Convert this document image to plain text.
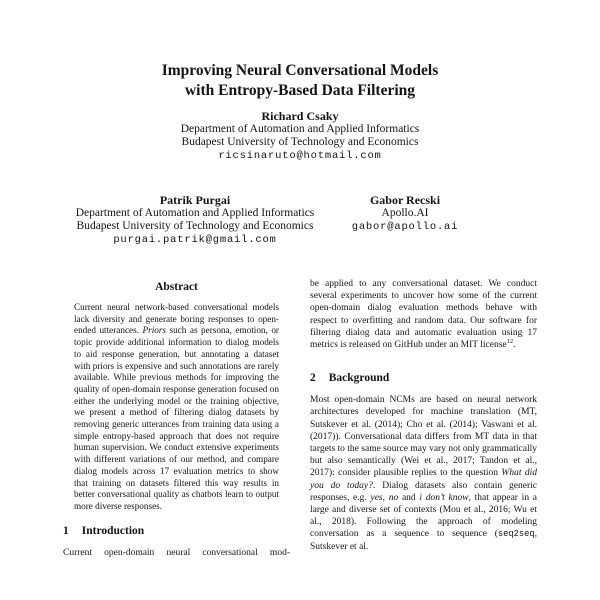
Improving Neural Conversational Models
with Entropy-Based Data Filtering
Richard Csaky
Department of Automation and Applied Informatics
Budapest University of Technology and Economics
ricsinaruto@hotmail.com
Patrik Purgai
Department of Automation and Applied Informatics
Budapest University of Technology and Economics
purgai.patrik@gmail.com
Gabor Recski
Apollo.AI
gabor@apollo.ai
Abstract

Current neural network-based conversational models lack diversity and generate boring responses to open-ended utterances. Priors such as persona, emotion, or topic provide additional information to dialog models to aid response generation, but annotating a dataset with priors is expensive and such annotations are rarely available. While previous methods for improving the quality of open-domain response generation focused on either the underlying model or the training objective, we present a method of filtering dialog datasets by removing generic utterances from training data using a simple entropy-based approach that does not require human supervision. We conduct extensive experiments with different variations of our method, and compare dialog models across 17 evaluation metrics to show that training on datasets filtered this way results in better conversational quality as chatbots learn to output more diverse responses.

1 Introduction

Current open-domain neural conversational mod-

be applied to any conversational dataset. We conduct several experiments to uncover how some of the current open-domain dialog evaluation methods behave with respect to overfitting and random data. Our software for filtering dialog data and automatic evaluation using 17 metrics is released on GitHub under an MIT license$^{12}$.

2 Background

Most open-domain NCMs are based on neural network architectures developed for machine translation (MT, Sutskever et al. (2014); Cho et al. (2014); Vaswani et al. (2017)). Conversational data differs from MT data in that targets to the same source may vary not only grammatically but also semantically (Wei et al., 2017; Tandon et al., 2017): consider plausible replies to the question What did you do today?. Dialog datasets also contain generic responses, e.g. yes, no and i don’t know, that appear in a large and diverse set of contexts (Mou et al., 2016; Wu et al., 2018). Following the approach of modeling conversation as a sequence to sequence (seq2seq, Sutskever et al.
